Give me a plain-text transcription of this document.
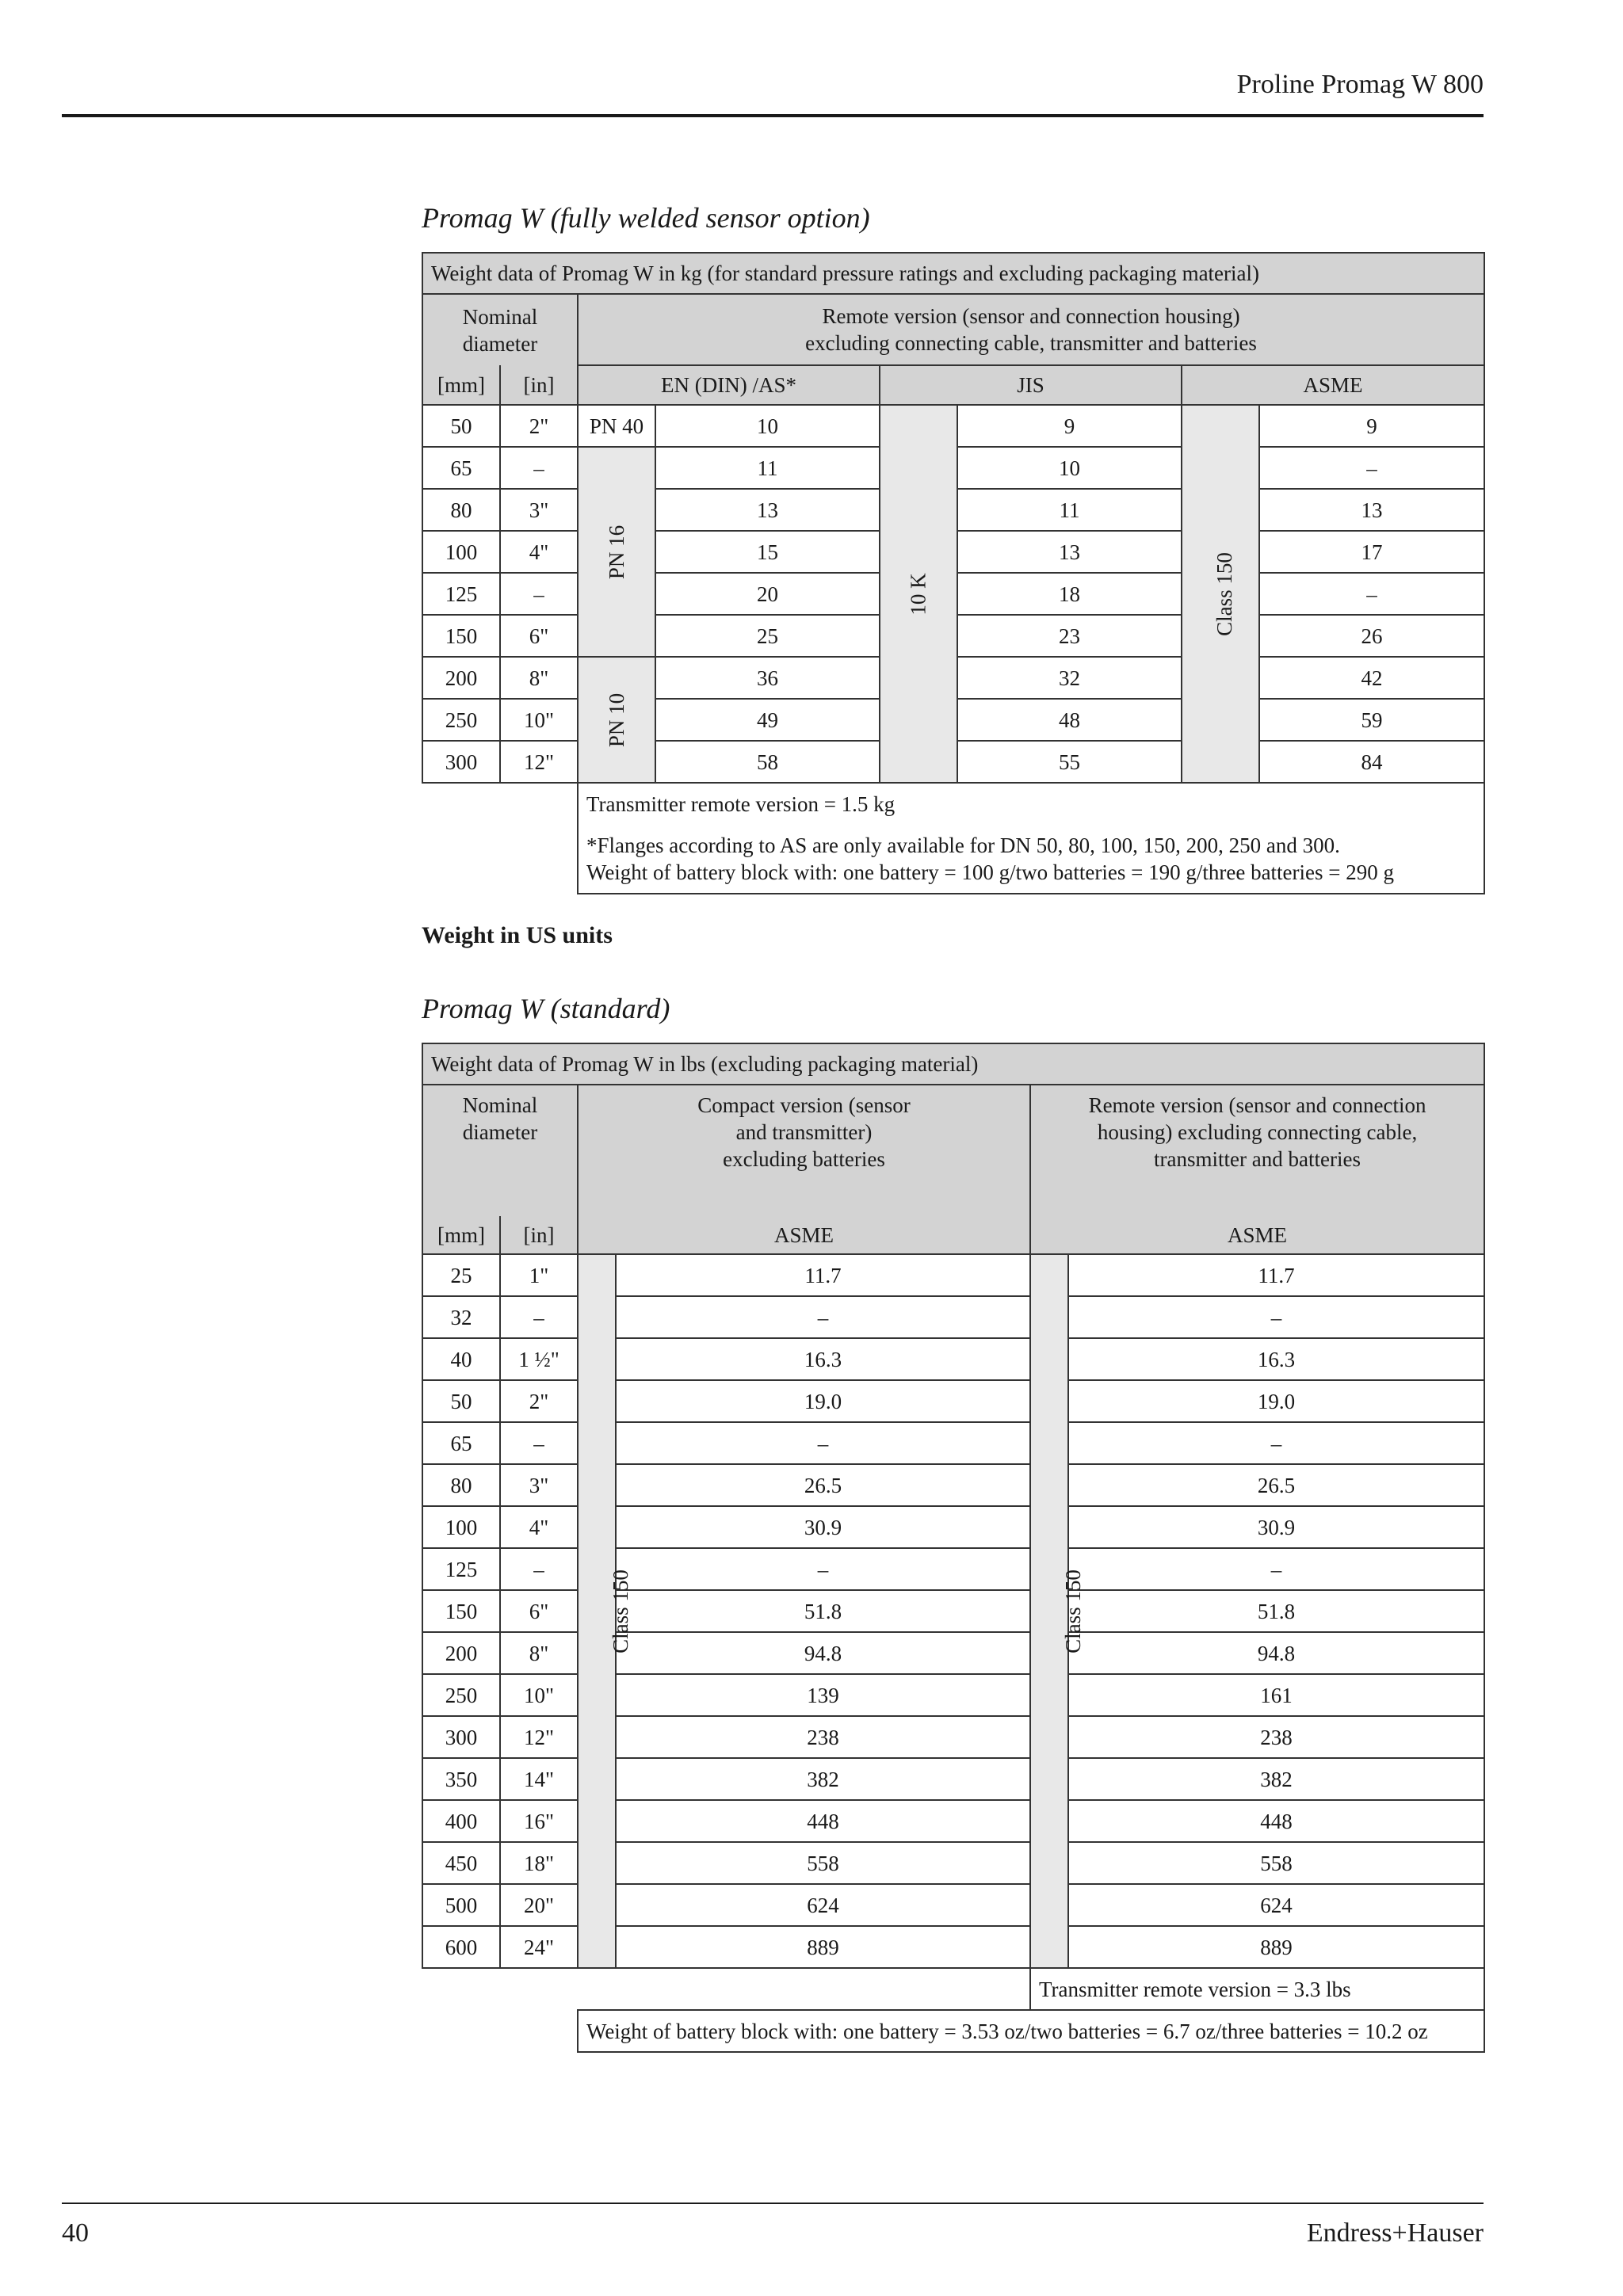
Proline Promag W 800
Promag W (fully welded sensor option)
Weight data of Promag W in kg (for standard pressure ratings and excluding packaging material)							
Nominal diameter		Remote version (sensor and connection housing) excluding connecting cable, transmitter and batteries					
[mm]	[in]	EN (DIN) /AS*		JIS		ASME	
50	2"	PN 40	10	10 K	9	Class 150	9
65	–	PN 16	11		10		–
80	3"		13		11		13
100	4"		15		13		17
125	–		20		18		–
150	6"		25		23		26
200	8"	PN 10	36		32		42
250	10"		49		48		59
300	12"		58		55		84

		Transmitter remote version = 1.5 kg
*Flanges according to AS are only available for DN 50, 80, 100, 150, 200, 250 and 300.
Weight of battery block with: one battery = 100 g/two batteries = 190 g/three batteries = 290 g					
Weight in US units
Promag W (standard)
Weight data of Promag W in lbs (excluding packaging material)					
Nominal diameter		Compact version (sensor and transmitter) excluding batteries		Remote version (sensor and connection housing) excluding connecting cable, transmitter and batteries	
[mm]	[in]	ASME		ASME	
25	1"	Class 150	11.7	Class 150	11.7
32	–		–		–
40	1 ½"		16.3		16.3
50	2"		19.0		19.0
65	–		–		–
80	3"		26.5		26.5
100	4"		30.9		30.9
125	–		–		–
150	6"		51.8		51.8
200	8"		94.8		94.8
250	10"		139		161
300	12"		238		238
350	14"		382		382
400	16"		448		448
450	18"		558		558
500	20"		624		624
600	24"		889		889
				Transmitter remote version = 3.3 lbs	
		Weight of battery block with: one battery = 3.53 oz/two batteries = 6.7 oz/three batteries = 10.2 oz			
40	Endress+Hauser
